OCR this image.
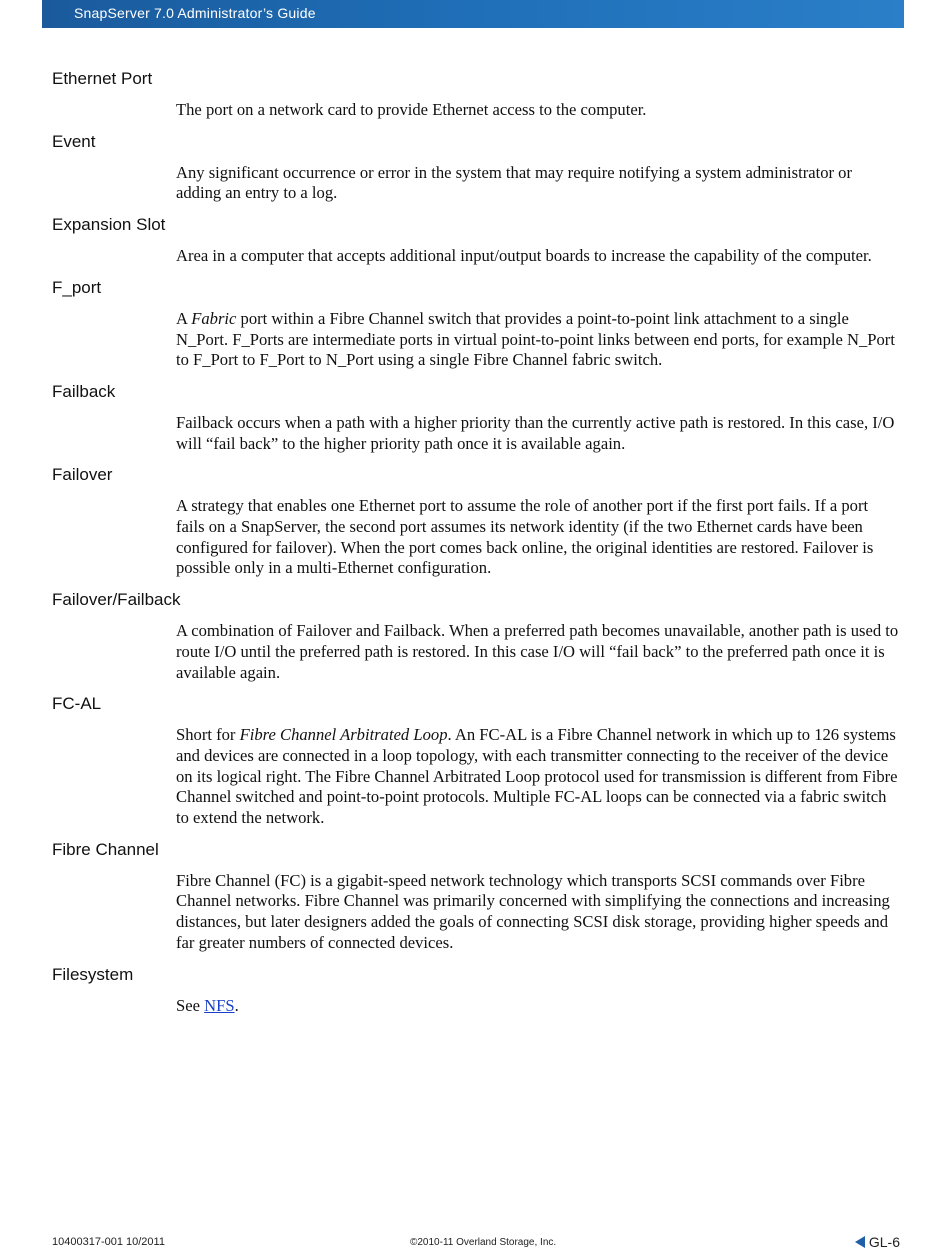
SnapServer 7.0 Administrator’s Guide
Ethernet Port
The port on a network card to provide Ethernet access to the computer.
Event
Any significant occurrence or error in the system that may require notifying a system administrator or adding an entry to a log.
Expansion Slot
Area in a computer that accepts additional input/output boards to increase the capability of the computer.
F_port
A Fabric port within a Fibre Channel switch that provides a point-to-point link attachment to a single N_Port. F_Ports are intermediate ports in virtual point-to-point links between end ports, for example N_Port to F_Port to F_Port to N_Port using a single Fibre Channel fabric switch.
Failback
Failback occurs when a path with a higher priority than the currently active path is restored. In this case, I/O will “fail back” to the higher priority path once it is available again.
Failover
A strategy that enables one Ethernet port to assume the role of another port if the first port fails. If a port fails on a SnapServer, the second port assumes its network identity (if the two Ethernet cards have been configured for failover). When the port comes back online, the original identities are restored. Failover is possible only in a multi-Ethernet configuration.
Failover/Failback
A combination of Failover and Failback. When a preferred path becomes unavailable, another path is used to route I/O until the preferred path is restored. In this case I/O will “fail back” to the preferred path once it is available again.
FC-AL
Short for Fibre Channel Arbitrated Loop. An FC-AL is a Fibre Channel network in which up to 126 systems and devices are connected in a loop topology, with each transmitter connecting to the receiver of the device on its logical right. The Fibre Channel Arbitrated Loop protocol used for transmission is different from Fibre Channel switched and point-to-point protocols. Multiple FC-AL loops can be connected via a fabric switch to extend the network.
Fibre Channel
Fibre Channel (FC) is a gigabit-speed network technology which transports SCSI commands over Fibre Channel networks. Fibre Channel was primarily concerned with simplifying the connections and increasing distances, but later designers added the goals of connecting SCSI disk storage, providing higher speeds and far greater numbers of connected devices.
Filesystem
See NFS.
10400317-001 10/2011	©2010-11 Overland Storage, Inc.	GL-6
